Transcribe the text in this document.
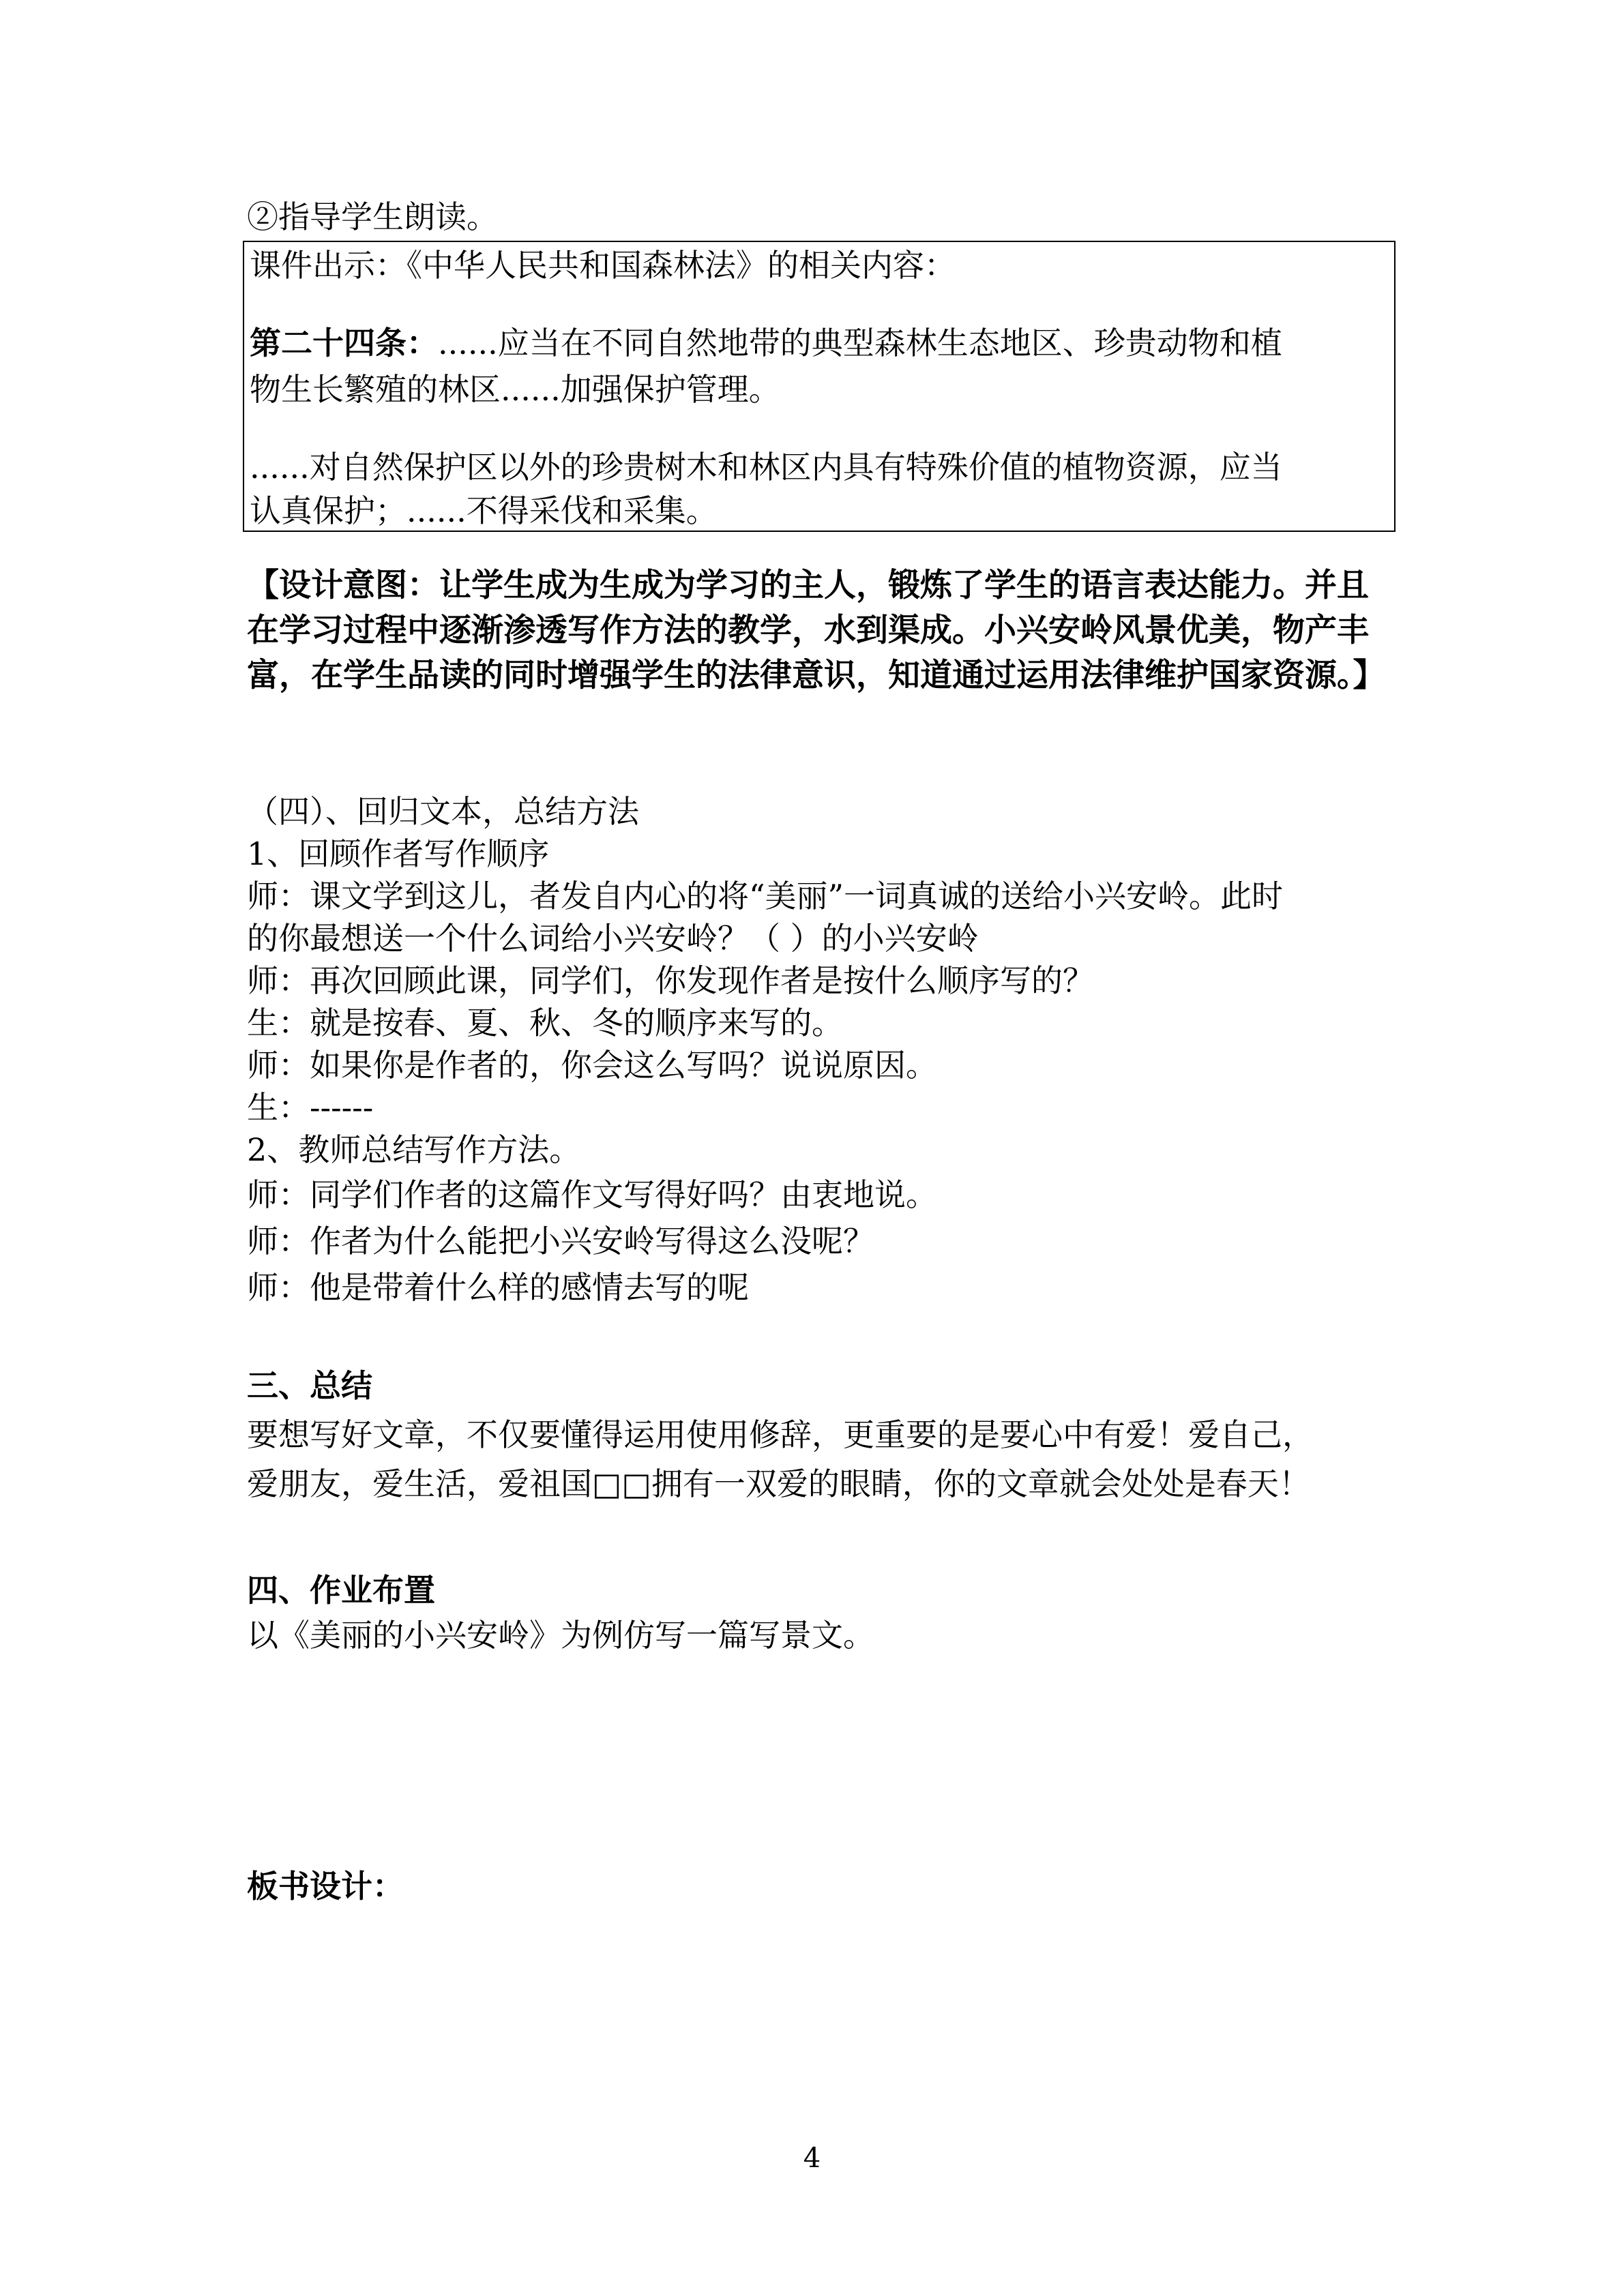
②指导学生朗读。
课件出示：《中华人民共和国森林法》的相关内容：
第二十四条：......应当在不同自然地带的典型森林生态地区、珍贵动物和植
物生长繁殖的林区......加强保护管理。
......对自然保护区以外的珍贵树木和林区内具有特殊价值的植物资源，应当
认真保护；......不得采伐和采集。
【设计意图：让学生成为生成为学习的主人，锻炼了学生的语言表达能力。并且在学习过程中逐渐渗透写作方法的教学，水到渠成。小兴安岭风景优美，物产丰富，在学生品读的同时增强学生的法律意识，知道通过运用法律维护国家资源。】
（四）、回归文本，总结方法
1、回顾作者写作顺序
师：课文学到这儿，者发自内心的将“美丽”一词真诚的送给小兴安岭。此时
的你最想送一个什么词给小兴安岭？（ ）的小兴安岭
师：再次回顾此课，同学们，你发现作者是按什么顺序写的？
生：就是按春、夏、秋、冬的顺序来写的。
师：如果你是作者的，你会这么写吗？说说原因。
生：------
2、教师总结写作方法。
师：同学们作者的这篇作文写得好吗？由衷地说。
师：作者为什么能把小兴安岭写得这么没呢？
师：他是带着什么样的感情去写的呢
三、总结
要想写好文章，不仅要懂得运用使用修辞，更重要的是要心中有爱！爱自己，
爱朋友，爱生活，爱祖国□□拥有一双爱的眼睛，你的文章就会处处是春天！
四、作业布置
以《美丽的小兴安岭》为例仿写一篇写景文。
板书设计：
4
